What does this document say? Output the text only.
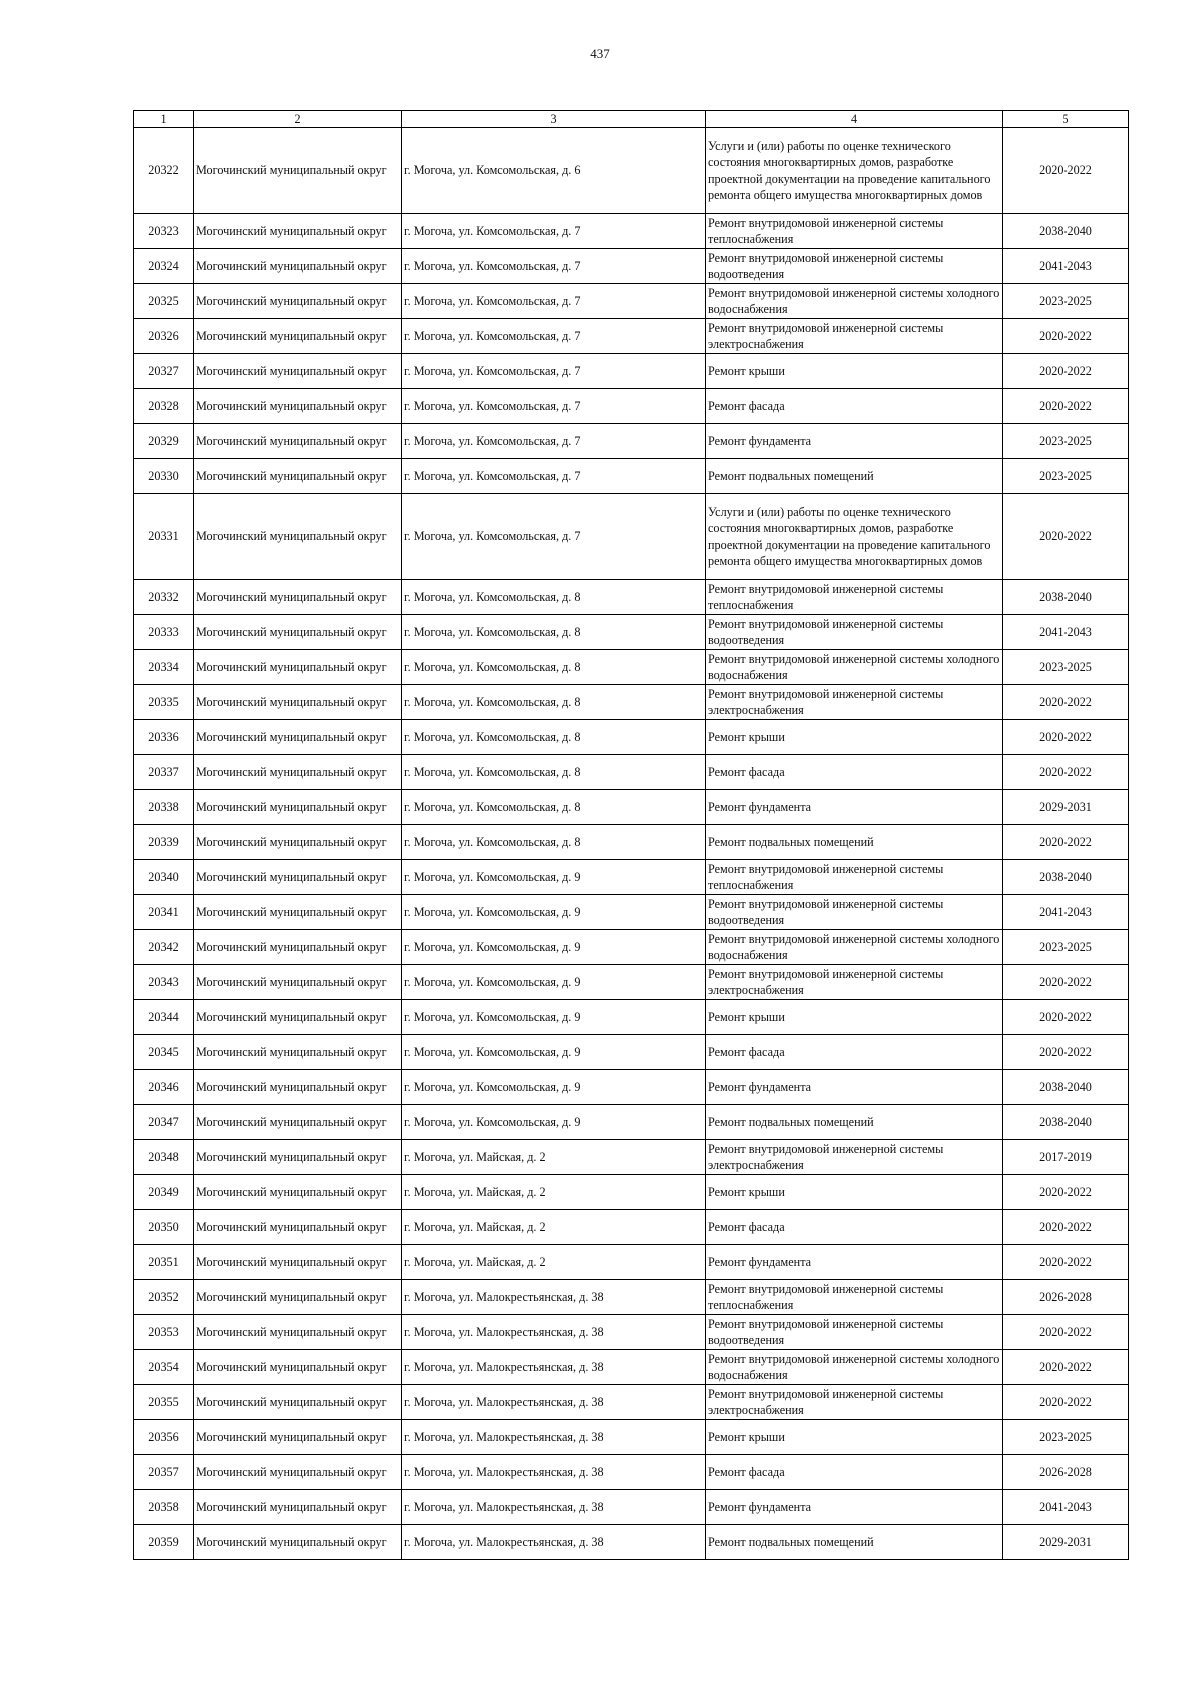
437
1	2	3	4	5
20322	Могочинский муниципальный округ	г. Могоча, ул. Комсомольская, д. 6	Услуги и (или) работы по оценке технического состояния многоквартирных домов, разработке проектной документации на проведение капитального ремонта общего имущества многоквартирных домов	2020-2022
20323	Могочинский муниципальный округ	г. Могоча, ул. Комсомольская, д. 7	Ремонт внутридомовой инженерной системы теплоснабжения	2038-2040
20324	Могочинский муниципальный округ	г. Могоча, ул. Комсомольская, д. 7	Ремонт внутридомовой инженерной системы водоотведения	2041-2043
20325	Могочинский муниципальный округ	г. Могоча, ул. Комсомольская, д. 7	Ремонт внутридомовой инженерной системы холодного водоснабжения	2023-2025
20326	Могочинский муниципальный округ	г. Могоча, ул. Комсомольская, д. 7	Ремонт внутридомовой инженерной системы электроснабжения	2020-2022
20327	Могочинский муниципальный округ	г. Могоча, ул. Комсомольская, д. 7	Ремонт крыши	2020-2022
20328	Могочинский муниципальный округ	г. Могоча, ул. Комсомольская, д. 7	Ремонт фасада	2020-2022
20329	Могочинский муниципальный округ	г. Могоча, ул. Комсомольская, д. 7	Ремонт фундамента	2023-2025
20330	Могочинский муниципальный округ	г. Могоча, ул. Комсомольская, д. 7	Ремонт подвальных помещений	2023-2025
20331	Могочинский муниципальный округ	г. Могоча, ул. Комсомольская, д. 7	Услуги и (или) работы по оценке технического состояния многоквартирных домов, разработке проектной документации на проведение капитального ремонта общего имущества многоквартирных домов	2020-2022
20332	Могочинский муниципальный округ	г. Могоча, ул. Комсомольская, д. 8	Ремонт внутридомовой инженерной системы теплоснабжения	2038-2040
20333	Могочинский муниципальный округ	г. Могоча, ул. Комсомольская, д. 8	Ремонт внутридомовой инженерной системы водоотведения	2041-2043
20334	Могочинский муниципальный округ	г. Могоча, ул. Комсомольская, д. 8	Ремонт внутридомовой инженерной системы холодного водоснабжения	2023-2025
20335	Могочинский муниципальный округ	г. Могоча, ул. Комсомольская, д. 8	Ремонт внутридомовой инженерной системы электроснабжения	2020-2022
20336	Могочинский муниципальный округ	г. Могоча, ул. Комсомольская, д. 8	Ремонт крыши	2020-2022
20337	Могочинский муниципальный округ	г. Могоча, ул. Комсомольская, д. 8	Ремонт фасада	2020-2022
20338	Могочинский муниципальный округ	г. Могоча, ул. Комсомольская, д. 8	Ремонт фундамента	2029-2031
20339	Могочинский муниципальный округ	г. Могоча, ул. Комсомольская, д. 8	Ремонт подвальных помещений	2020-2022
20340	Могочинский муниципальный округ	г. Могоча, ул. Комсомольская, д. 9	Ремонт внутридомовой инженерной системы теплоснабжения	2038-2040
20341	Могочинский муниципальный округ	г. Могоча, ул. Комсомольская, д. 9	Ремонт внутридомовой инженерной системы водоотведения	2041-2043
20342	Могочинский муниципальный округ	г. Могоча, ул. Комсомольская, д. 9	Ремонт внутридомовой инженерной системы холодного водоснабжения	2023-2025
20343	Могочинский муниципальный округ	г. Могоча, ул. Комсомольская, д. 9	Ремонт внутридомовой инженерной системы электроснабжения	2020-2022
20344	Могочинский муниципальный округ	г. Могоча, ул. Комсомольская, д. 9	Ремонт крыши	2020-2022
20345	Могочинский муниципальный округ	г. Могоча, ул. Комсомольская, д. 9	Ремонт фасада	2020-2022
20346	Могочинский муниципальный округ	г. Могоча, ул. Комсомольская, д. 9	Ремонт фундамента	2038-2040
20347	Могочинский муниципальный округ	г. Могоча, ул. Комсомольская, д. 9	Ремонт подвальных помещений	2038-2040
20348	Могочинский муниципальный округ	г. Могоча, ул. Майская, д. 2	Ремонт внутридомовой инженерной системы электроснабжения	2017-2019
20349	Могочинский муниципальный округ	г. Могоча, ул. Майская, д. 2	Ремонт крыши	2020-2022
20350	Могочинский муниципальный округ	г. Могоча, ул. Майская, д. 2	Ремонт фасада	2020-2022
20351	Могочинский муниципальный округ	г. Могоча, ул. Майская, д. 2	Ремонт фундамента	2020-2022
20352	Могочинский муниципальный округ	г. Могоча, ул. Малокрестьянская, д. 38	Ремонт внутридомовой инженерной системы теплоснабжения	2026-2028
20353	Могочинский муниципальный округ	г. Могоча, ул. Малокрестьянская, д. 38	Ремонт внутридомовой инженерной системы водоотведения	2020-2022
20354	Могочинский муниципальный округ	г. Могоча, ул. Малокрестьянская, д. 38	Ремонт внутридомовой инженерной системы холодного водоснабжения	2020-2022
20355	Могочинский муниципальный округ	г. Могоча, ул. Малокрестьянская, д. 38	Ремонт внутридомовой инженерной системы электроснабжения	2020-2022
20356	Могочинский муниципальный округ	г. Могоча, ул. Малокрестьянская, д. 38	Ремонт крыши	2023-2025
20357	Могочинский муниципальный округ	г. Могоча, ул. Малокрестьянская, д. 38	Ремонт фасада	2026-2028
20358	Могочинский муниципальный округ	г. Могоча, ул. Малокрестьянская, д. 38	Ремонт фундамента	2041-2043
20359	Могочинский муниципальный округ	г. Могоча, ул. Малокрестьянская, д. 38	Ремонт подвальных помещений	2029-2031
